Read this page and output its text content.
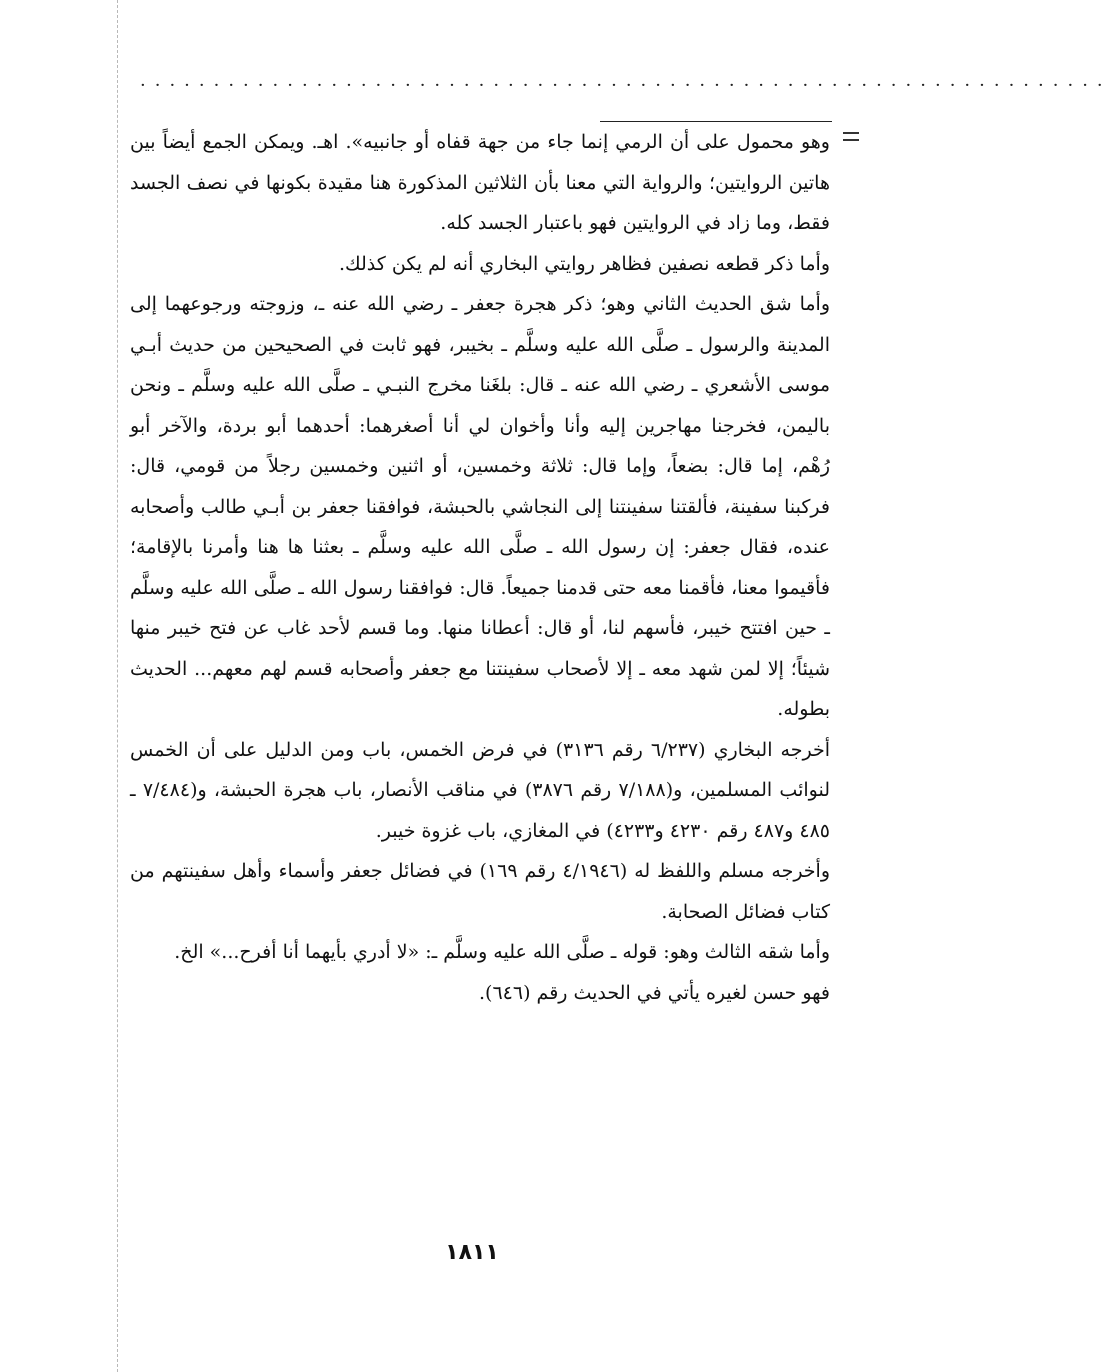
··································································

وهو محمول على أن الرمي إنما جاء من جهة قفاه أو جانبيه». اهـ. ويمكن الجمع أيضاً بين هاتين الروايتين؛ والرواية التي معنا بأن الثلاثين المذكورة هنا مقيدة بكونها في نصف الجسد فقط، وما زاد في الروايتين فهو باعتبار الجسد كله.

وأما ذكر قطعه نصفين فظاهر روايتي البخاري أنه لم يكن كذلك.

وأما شق الحديث الثاني وهو؛ ذكر هجرة جعفر ـ رضي الله عنه ـ، وزوجته ورجوعهما إلى المدينة والرسول ـ صلَّى الله عليه وسلَّم ـ بخيبر، فهو ثابت في الصحيحين من حديث أبـي موسى الأشعري ـ رضي الله عنه ـ قال: بلغَنا مخرج النبـي ـ صلَّى الله عليه وسلَّم ـ ونحن باليمن، فخرجنا مهاجرين إليه وأنا وأخوان لي أنا أصغرهما: أحدهما أبو بردة، والآخر أبو رُهْم، إما قال: بضعاً، وإما قال: ثلاثة وخمسين، أو اثنين وخمسين رجلاً من قومي، قال: فركبنا سفينة، فألقتنا سفينتنا إلى النجاشي بالحبشة، فوافقنا جعفر بن أبـي طالب وأصحابه عنده، فقال جعفر: إن رسول الله ـ صلَّى الله عليه وسلَّم ـ بعثنا ها هنا وأمرنا بالإقامة؛ فأقيموا معنا، فأقمنا معه حتى قدمنا جميعاً. قال: فوافقنا رسول الله ـ صلَّى الله عليه وسلَّم ـ حين افتتح خيبر، فأسهم لنا، أو قال: أعطانا منها. وما قسم لأحد غاب عن فتح خيبر منها شيئاً؛ إلا لمن شهد معه ـ إلا لأصحاب سفينتنا مع جعفر وأصحابه قسم لهم معهم... الحديث بطوله.

أخرجه البخاري (٦/٢٣٧ رقم ٣١٣٦) في فرض الخمس، باب ومن الدليل على أن الخمس لنوائب المسلمين، و(٧/١٨٨ رقم ٣٨٧٦) في مناقب الأنصار، باب هجرة الحبشة، و(٧/٤٨٤ ـ ٤٨٥ و٤٨٧ رقم ٤٢٣٠ و٤٢٣٣) في المغازي، باب غزوة خيبر.

وأخرجه مسلم واللفظ له (٤/١٩٤٦ رقم ١٦٩) في فضائل جعفر وأسماء وأهل سفينتهم من كتاب فضائل الصحابة.

وأما شقه الثالث وهو: قوله ـ صلَّى الله عليه وسلَّم ـ: «لا أدري بأيهما أنا أفرح...» الخ.

فهو حسن لغيره يأتي في الحديث رقم (٦٤٦).

١٨١١
